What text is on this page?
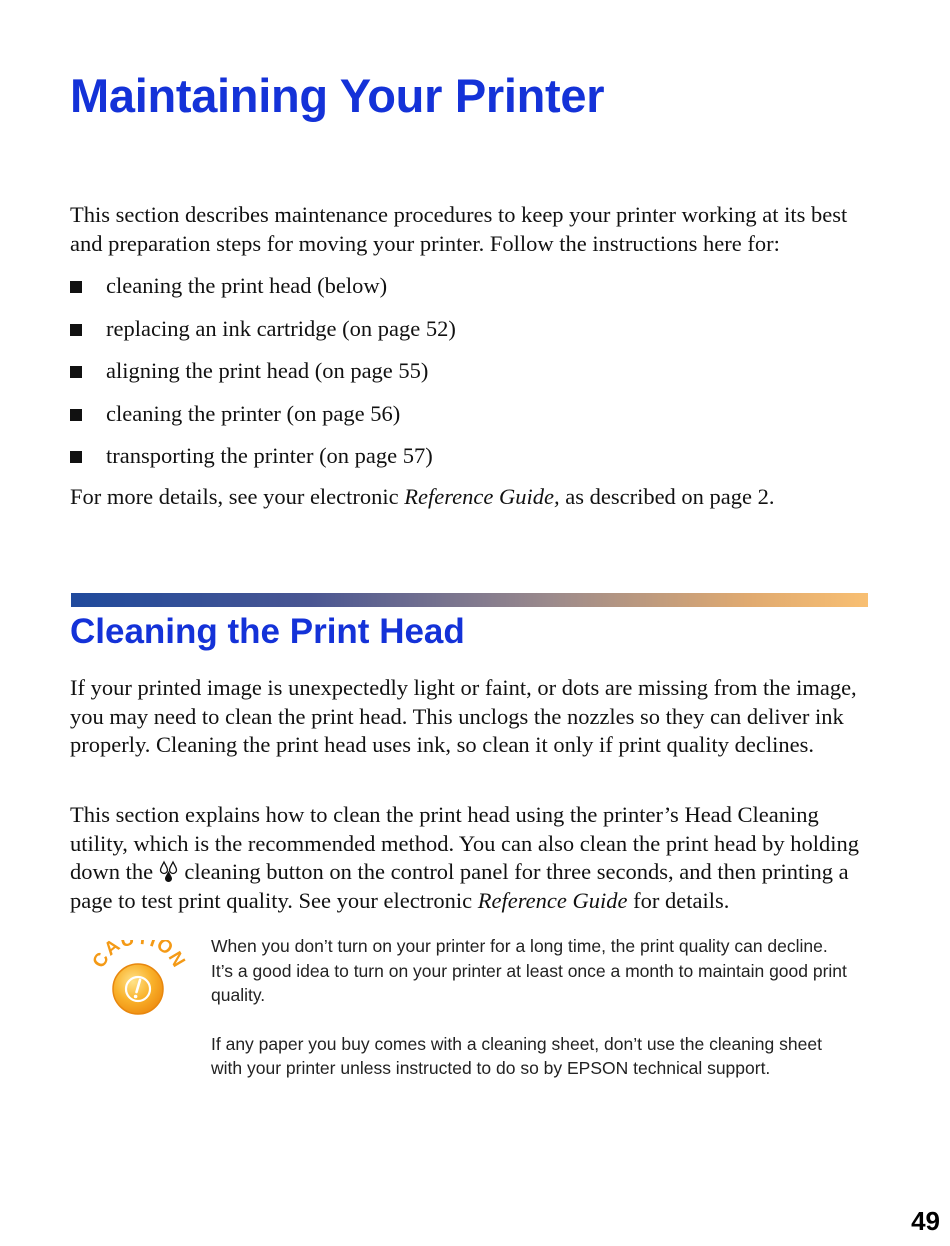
Maintaining Your Printer

This section describes maintenance procedures to keep your printer working at its best and preparation steps for moving your printer. Follow the instructions here for:

cleaning the print head (below)
replacing an ink cartridge (on page 52)
aligning the print head (on page 55)
cleaning the printer (on page 56)
transporting the printer (on page 57)

For more details, see your electronic Reference Guide, as described on page 2.

Cleaning the Print Head

If your printed image is unexpectedly light or faint, or dots are missing from the image, you may need to clean the print head. This unclogs the nozzles so they can deliver ink properly. Cleaning the print head uses ink, so clean it only if print quality declines.

This section explains how to clean the print head using the printer’s Head Cleaning utility, which is the recommended method. You can also clean the print head by holding down the  cleaning button on the control panel for three seconds, and then printing a page to test print quality. See your electronic Reference Guide for details.

A ION

When you don’t turn on your printer for a long time, the print quality can decline. It’s a good idea to turn on your printer at least once a month to maintain good print quality.

If any paper you buy comes with a cleaning sheet, don’t use the cleaning sheet with your printer unless instructed to do so by EPSON technical support.

49
